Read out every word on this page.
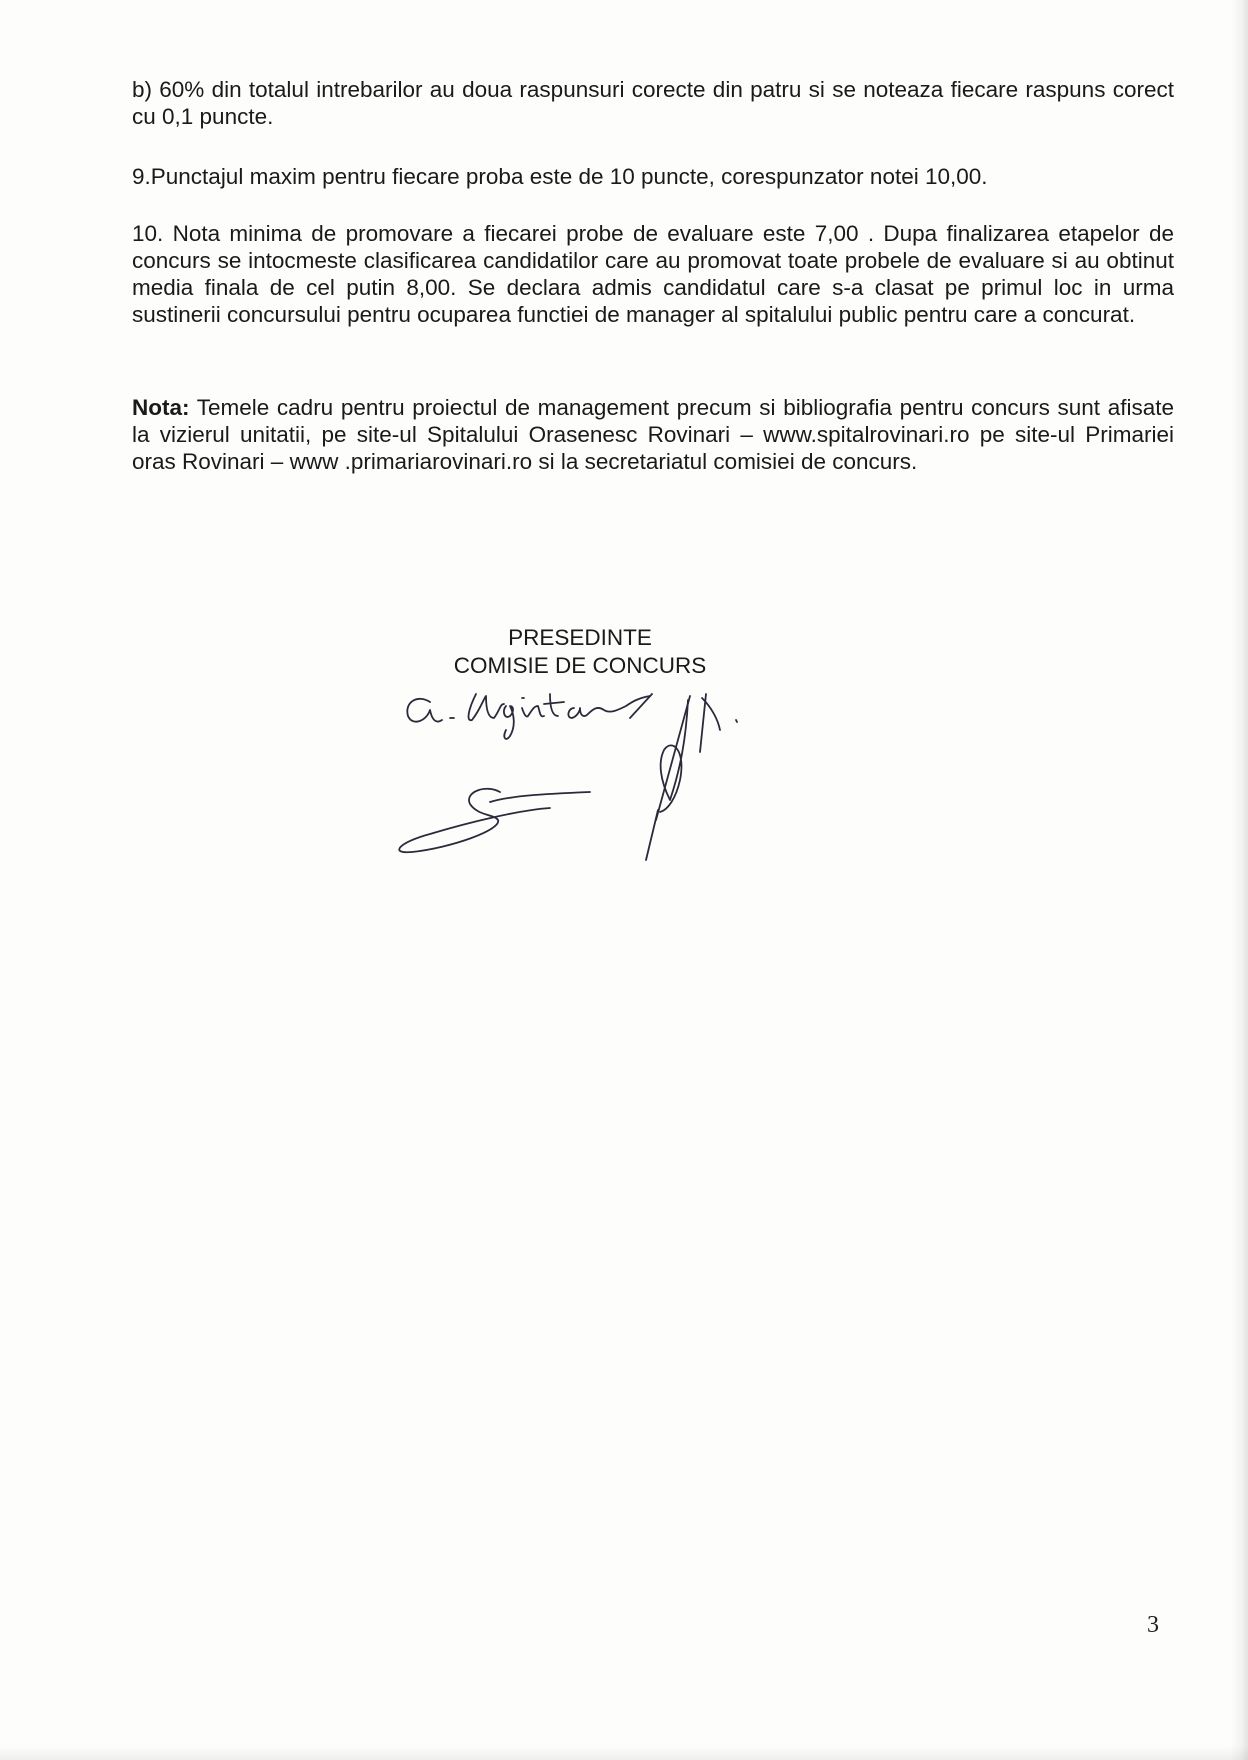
b) 60% din totalul intrebarilor au doua raspunsuri corecte din patru si se noteaza fiecare raspuns corect cu 0,1 puncte.

9.Punctajul maxim pentru fiecare proba este de 10 puncte, corespunzator notei 10,00.

10. Nota minima de promovare a fiecarei probe de evaluare este 7,00 . Dupa finalizarea etapelor de concurs se intocmeste clasificarea candidatilor care au promovat toate probele de evaluare si au obtinut media finala de cel putin 8,00. Se declara admis candidatul care s-a clasat pe primul loc in urma sustinerii concursului pentru ocuparea functiei de manager al spitalului public pentru care a concurat.

Nota: Temele cadru pentru proiectul de management precum si bibliografia pentru concurs sunt afisate la vizierul unitatii, pe site-ul Spitalului Orasenesc Rovinari – www.spitalrovinari.ro pe site-ul Primariei oras Rovinari – www .primariarovinari.ro si la secretariatul comisiei de concurs.

PRESEDINTE
COMISIE DE CONCURS
3
